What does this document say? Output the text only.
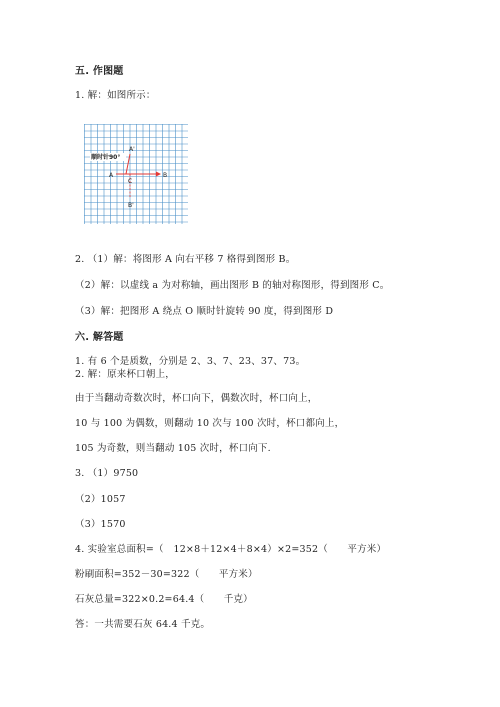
五. 作图题
1. 解：如图所示：
顺时针90°
A
A'
B
C
B'
2. （1）解：将图形 A 向右平移 7 格得到图形 B。
（2）解：以虚线 a 为对称轴，画出图形 B 的轴对称图形，得到图形 C。
（3）解：把图形 A 绕点 O 顺时针旋转 90 度，得到图形 D
六. 解答题
1. 有 6 个是质数，分别是 2、3、7、23、37、73。
2. 解：原来杯口朝上，
由于当翻动奇数次时，杯口向下，偶数次时，杯口向上，
10 与 100 为偶数，则翻动 10 次与 100 次时，杯口都向上，
105 为奇数，则当翻动 105 次时，杯口向下.
3. （1）9750
（2）1057
（3）1570
4. 实验室总面积=（　12×8＋12×4＋8×4）×2=352（　　平方米）
粉刷面积=352－30=322（　　平方米）
石灰总量=322×0.2=64.4（　　千克）
答：一共需要石灰 64.4 千克。
